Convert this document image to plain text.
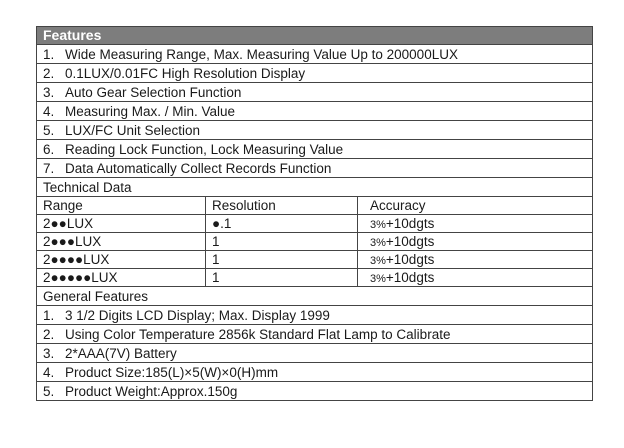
Features
1. Wide Measuring Range, Max. Measuring Value Up to 200000LUX
2. 0.1LUX/0.01FC High Resolution Display
3. Auto Gear Selection Function
4. Measuring Max. / Min. Value
5. LUX/FC Unit Selection
6. Reading Lock Function, Lock Measuring Value
7. Data Automatically Collect Records Function
Technical Data
Range	Resolution	Accuracy
2●●LUX	●.1	3%+10dgts
2●●●LUX	1	3%+10dgts
2●●●●LUX	1	3%+10dgts
2●●●●●LUX	1	3%+10dgts
General Features
1. 3 1/2 Digits LCD Display; Max. Display 1999
2. Using Color Temperature 2856k Standard Flat Lamp to Calibrate
3. 2*AAA(7V) Battery
4. Product Size:185(L)×5(W)×0(H)mm
5. Product Weight:Approx.150g
